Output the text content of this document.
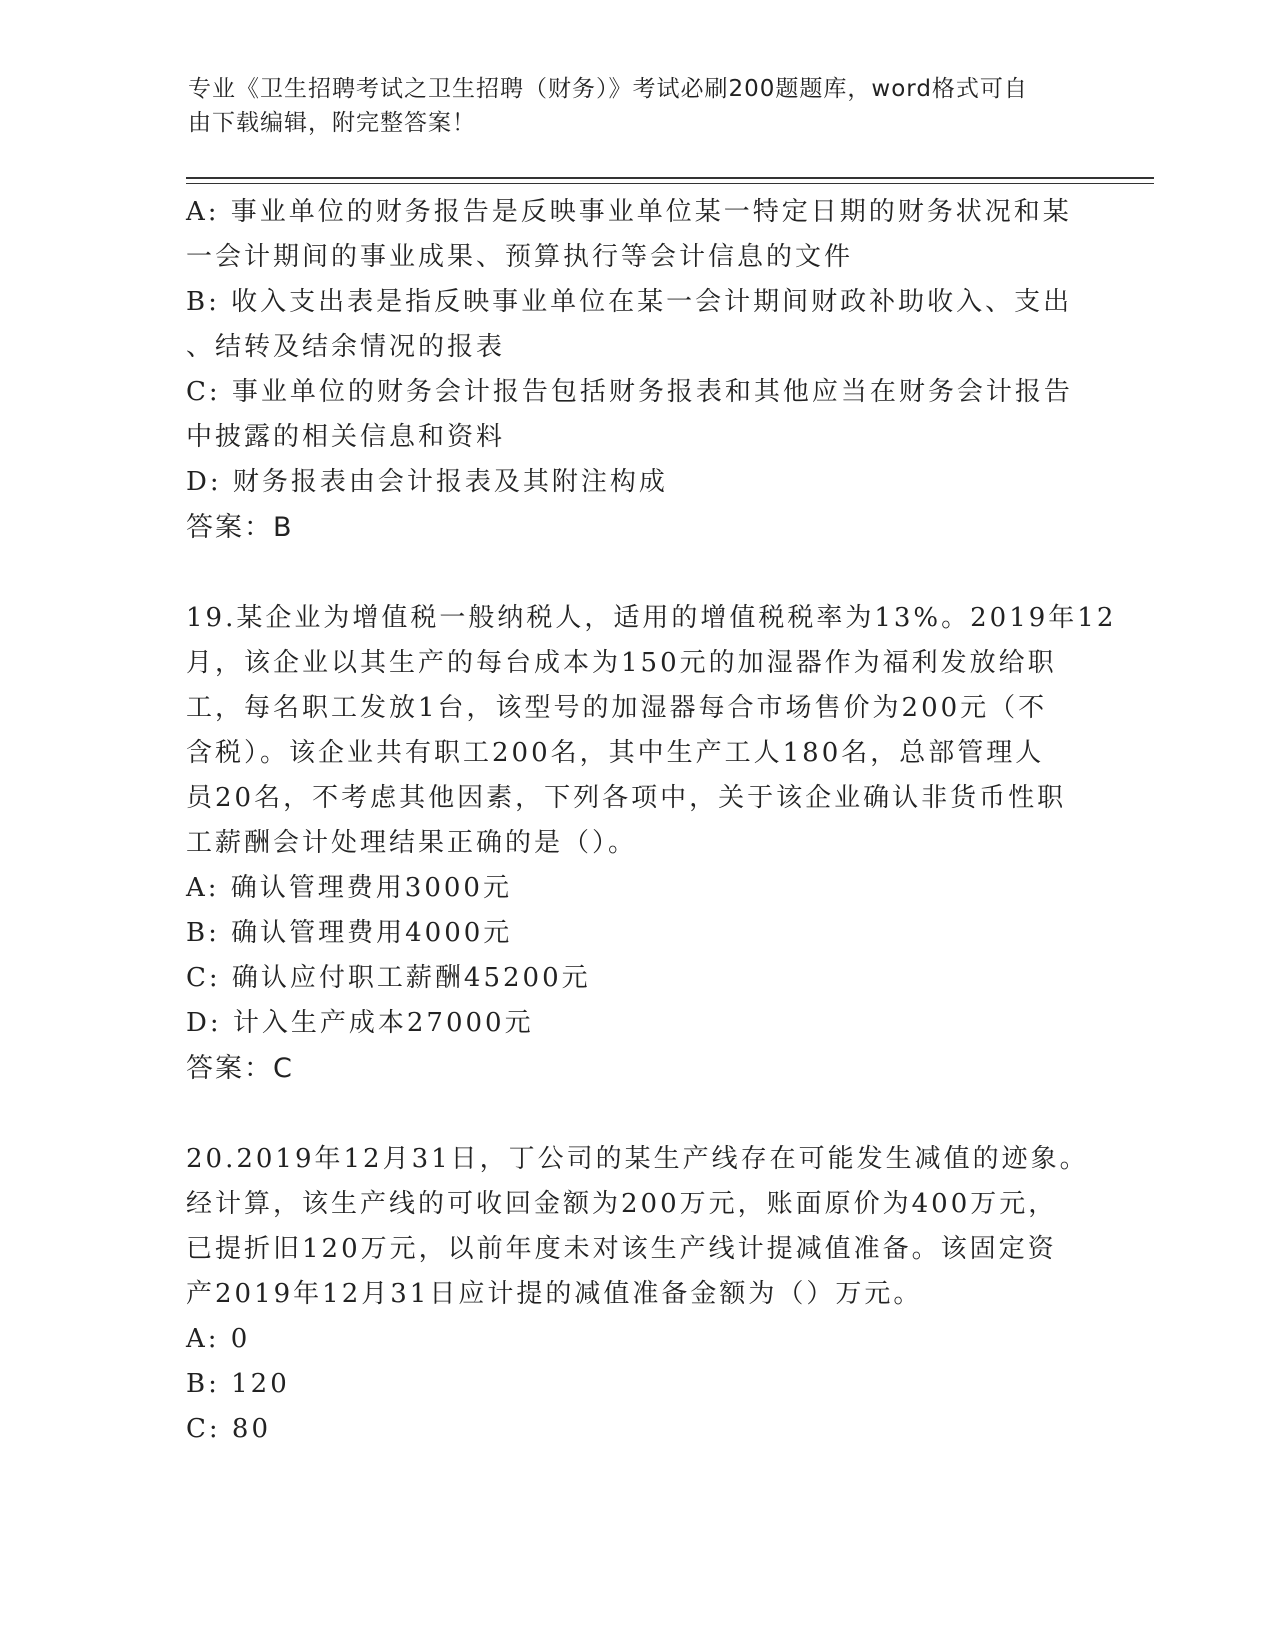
专业《卫生招聘考试之卫生招聘（财务）》考试必刷200题题库，word格式可自
由下载编辑，附完整答案！
A: 事业单位的财务报告是反映事业单位某一特定日期的财务状况和某
一会计期间的事业成果、预算执行等会计信息的文件
B: 收入支出表是指反映事业单位在某一会计期间财政补助收入、支出
、结转及结余情况的报表
C: 事业单位的财务会计报告包括财务报表和其他应当在财务会计报告
中披露的相关信息和资料
D: 财务报表由会计报表及其附注构成
答案：B
19.某企业为增值税一般纳税人，适用的增值税税率为13%。2019年12
月，该企业以其生产的每台成本为150元的加湿器作为福利发放给职
工，每名职工发放1台，该型号的加湿器每合市场售价为200元（不
含税）。该企业共有职工200名，其中生产工人180名，总部管理人
员20名，不考虑其他因素，下列各项中，关于该企业确认非货币性职
工薪酬会计处理结果正确的是（）。
A: 确认管理费用3000元
B: 确认管理费用4000元
C: 确认应付职工薪酬45200元
D: 计入生产成本27000元
答案：C
20.2019年12月31日，丁公司的某生产线存在可能发生减值的迹象。
经计算，该生产线的可收回金额为200万元，账面原价为400万元，
已提折旧120万元，以前年度未对该生产线计提减值准备。该固定资
产2019年12月31日应计提的减值准备金额为（）万元。
A: 0
B: 120
C: 80
